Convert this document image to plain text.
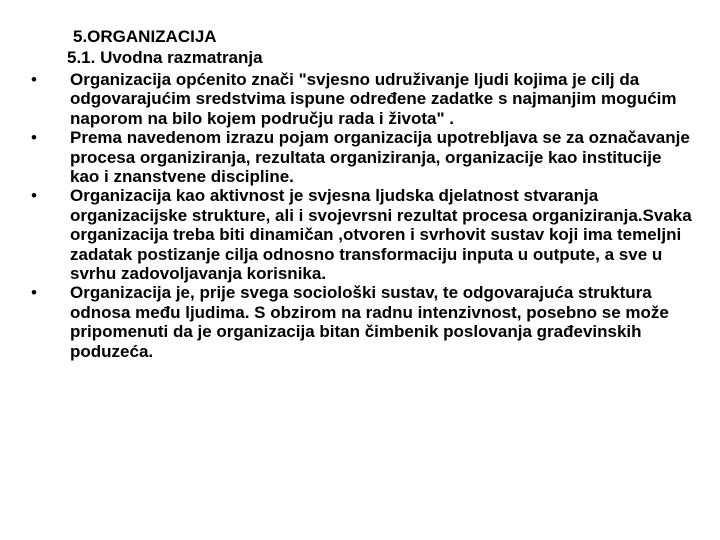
5.ORGANIZACIJA
5.1. Uvodna razmatranja
• Organizacija općenito znači "svjesno udruživanje ljudi kojima je cilj da odgovarajućim sredstvima ispune određene zadatke s najmanjim mogućim naporom na bilo kojem području rada i života" .
• Prema navedenom izrazu pojam organizacija upotrebljava se za označavanje procesa organiziranja, rezultata organiziranja, organizacije kao institucije kao i znanstvene discipline.
• Organizacija kao aktivnost je svjesna ljudska djelatnost stvaranja organizacijske strukture, ali i svojevrsni rezultat procesa organiziranja.Svaka organizacija treba biti dinamičan ,otvoren i svrhovit sustav koji ima temeljni zadatak postizanje cilja odnosno transformaciju inputa u outpute, a sve u svrhu zadovoljavanja korisnika.
• Organizacija je, prije svega sociološki sustav, te odgovarajuća struktura odnosa među ljudima. S obzirom na radnu intenzivnost, posebno se može pripomenuti da je organizacija bitan čimbenik poslovanja građevinskih poduzeća.
